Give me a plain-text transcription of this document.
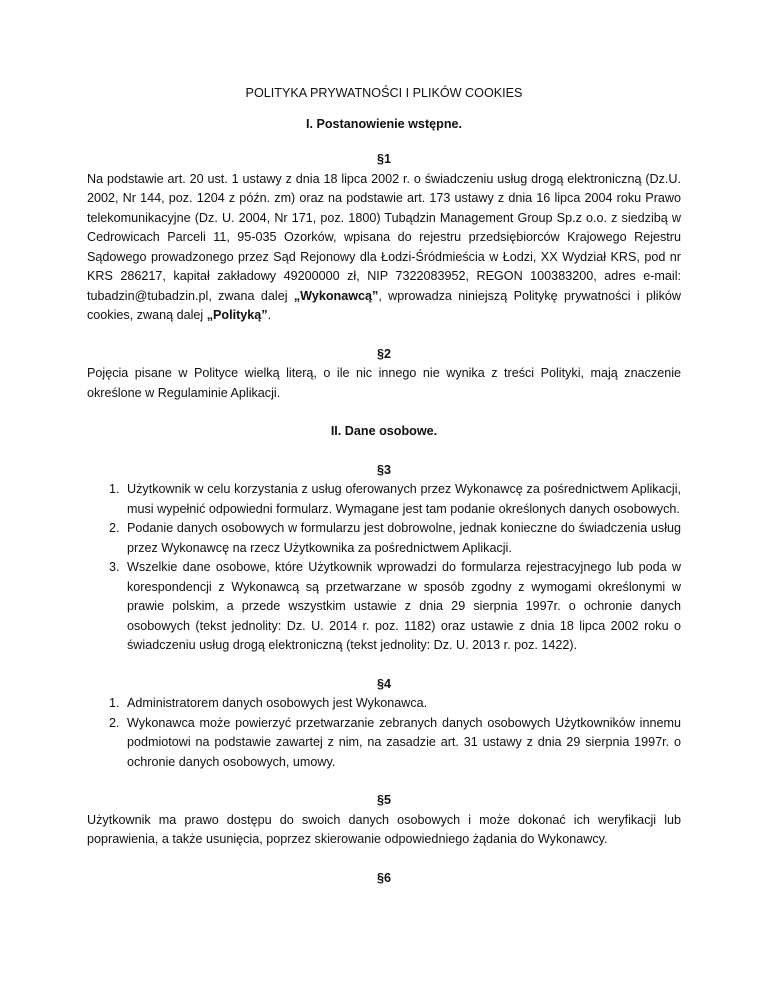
POLITYKA PRYWATNOŚCI I PLIKÓW COOKIES
I. Postanowienie wstępne.
§1
Na podstawie art. 20 ust. 1 ustawy z dnia 18 lipca 2002 r. o świadczeniu usług drogą elektroniczną (Dz.U. 2002, Nr 144, poz. 1204 z późn. zm) oraz na podstawie art. 173 ustawy z dnia 16 lipca 2004 roku Prawo telekomunikacyjne (Dz. U. 2004, Nr 171, poz. 1800) Tubądzin Management Group Sp.z o.o. z siedzibą w Cedrowicach Parceli 11, 95-035 Ozorków, wpisana do rejestru przedsiębiorców Krajowego Rejestru Sądowego prowadzonego przez Sąd Rejonowy dla Łodzi-Śródmieścia w Łodzi, XX Wydział KRS, pod nr KRS 286217, kapitał zakładowy 49200000 zł, NIP 7322083952, REGON 100383200, adres e-mail: tubadzin@tubadzin.pl, zwana dalej „Wykonawcą”, wprowadza niniejszą Politykę prywatności i plików cookies, zwaną dalej „Polityką”.
§2
Pojęcia pisane w Polityce wielką literą, o ile nic innego nie wynika z treści Polityki, mają znaczenie określone w Regulaminie Aplikacji.
II. Dane osobowe.
§3
1. Użytkownik w celu korzystania z usług oferowanych przez Wykonawcę za pośrednictwem Aplikacji, musi wypełnić odpowiedni formularz. Wymagane jest tam podanie określonych danych osobowych.
2. Podanie danych osobowych w formularzu jest dobrowolne, jednak konieczne do świadczenia usług przez Wykonawcę na rzecz Użytkownika za pośrednictwem Aplikacji.
3. Wszelkie dane osobowe, które Użytkownik wprowadzi do formularza rejestracyjnego lub poda w korespondencji z Wykonawcą są przetwarzane w sposób zgodny z wymogami określonymi w prawie polskim, a przede wszystkim ustawie z dnia 29 sierpnia 1997r. o ochronie danych osobowych (tekst jednolity: Dz. U. 2014 r. poz. 1182) oraz ustawie z dnia 18 lipca 2002 roku o świadczeniu usług drogą elektroniczną (tekst jednolity: Dz. U. 2013 r. poz. 1422).
§4
1. Administratorem danych osobowych jest Wykonawca.
2. Wykonawca może powierzyć przetwarzanie zebranych danych osobowych Użytkowników innemu podmiotowi na podstawie zawartej z nim, na zasadzie art. 31 ustawy z dnia 29 sierpnia 1997r. o ochronie danych osobowych, umowy.
§5
Użytkownik ma prawo dostępu do swoich danych osobowych i może dokonać ich weryfikacji lub poprawienia, a także usunięcia, poprzez skierowanie odpowiedniego żądania do Wykonawcy.
§6
